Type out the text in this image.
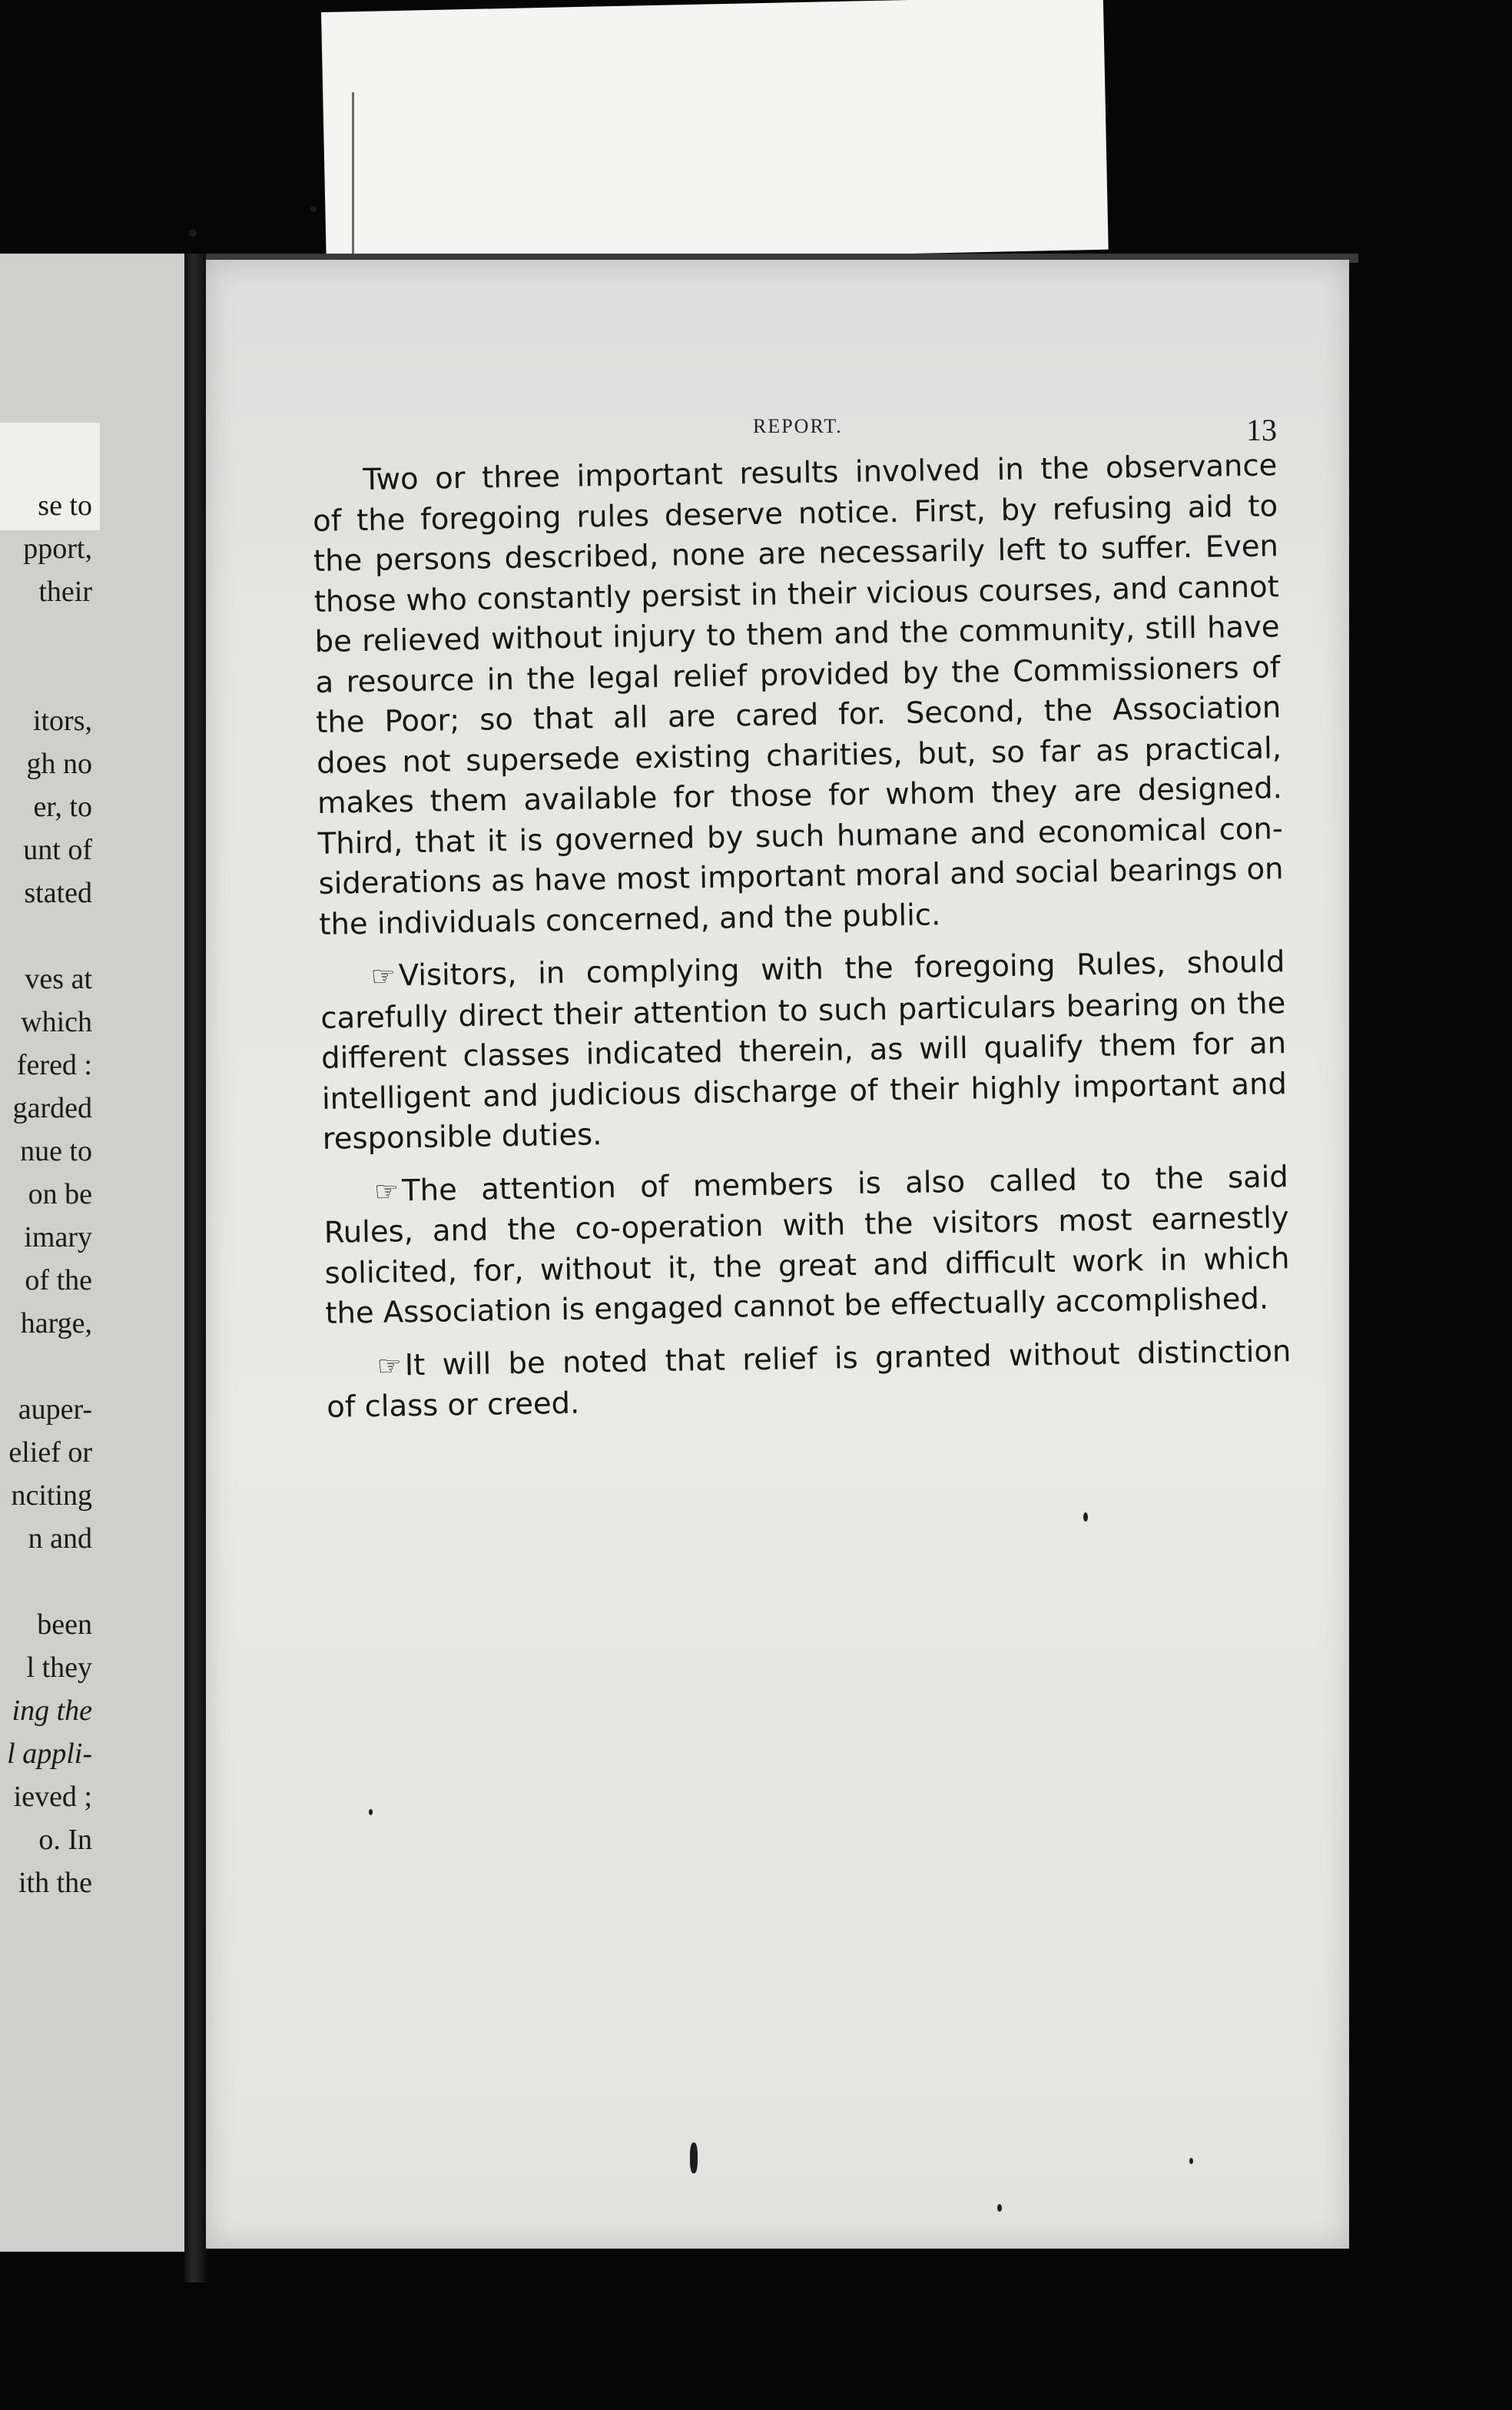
se to
pport,
their

itors,
gh no
er, to
unt of
stated

ves at
which
fered :
garded
nue to
on be
imary
of the
harge,

auper-
elief or
nciting
n and

been
l they
ing the
l appli-
ieved ;
o. In
ith the
REPORT.	13
Two or three important results involved in the observance
of the foregoing rules deserve notice. First, by refusing aid to
the persons described, none are necessarily left to suffer. Even
those who constantly persist in their vicious courses, and cannot
be relieved without injury to them and the community, still have
a resource in the legal relief provided by the Commissioners of
the Poor; so that all are cared for. Second, the Association
does not supersede existing charities, but, so far as practical,
makes them available for those for whom they are designed.
Third, that it is governed by such humane and economical con-
siderations as have most important moral and social bearings on
the individuals concerned, and the public.
☞Visitors, in complying with the foregoing Rules, should
carefully direct their attention to such particulars bearing on the
different classes indicated therein, as will qualify them for an
intelligent and judicious discharge of their highly important and
responsible duties.
☞The attention of members is also called to the said
Rules, and the co-operation with the visitors most earnestly
solicited, for, without it, the great and difficult work in which
the Association is engaged cannot be effectually accomplished.
☞It will be noted that relief is granted without distinction
of class or creed.
